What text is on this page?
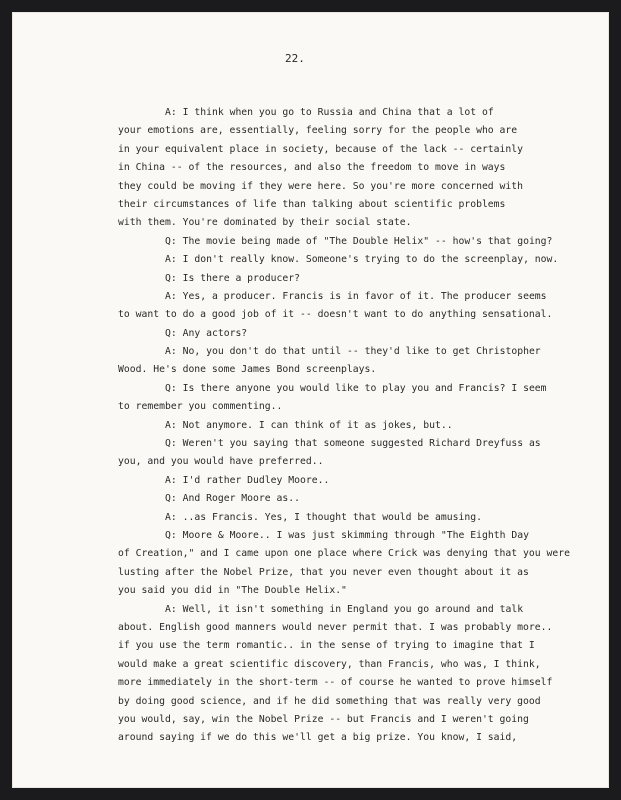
22.
A: I think when you go to Russia and China that a lot of
your emotions are, essentially, feeling sorry for the people who are
in your equivalent place in society, because of the lack -- certainly
in China -- of the resources, and also the freedom to move in ways
they could be moving if they were here. So you're more concerned with
their circumstances of life than talking about scientific problems
with them. You're dominated by their social state.
Q: The movie being made of "The Double Helix" -- how's that going?
A: I don't really know. Someone's trying to do the screenplay, now.
Q: Is there a producer?
A: Yes, a producer. Francis is in favor of it. The producer seems
to want to do a good job of it -- doesn't want to do anything sensational.
Q: Any actors?
A: No, you don't do that until -- they'd like to get Christopher
Wood. He's done some James Bond screenplays.
Q: Is there anyone you would like to play you and Francis? I seem
to remember you commenting..
A: Not anymore. I can think of it as jokes, but..
Q: Weren't you saying that someone suggested Richard Dreyfuss as
you, and you would have preferred..
A: I'd rather Dudley Moore..
Q: And Roger Moore as..
A: ..as Francis. Yes, I thought that would be amusing.
Q: Moore & Moore.. I was just skimming through "The Eighth Day
of Creation," and I came upon one place where Crick was denying that you were
lusting after the Nobel Prize, that you never even thought about it as
you said you did in "The Double Helix."
A: Well, it isn't something in England you go around and talk
about. English good manners would never permit that. I was probably more..
if you use the term romantic.. in the sense of trying to imagine that I
would make a great scientific discovery, than Francis, who was, I think,
more immediately in the short-term -- of course he wanted to prove himself
by doing good science, and if he did something that was really very good
you would, say, win the Nobel Prize -- but Francis and I weren't going
around saying if we do this we'll get a big prize. You know, I said,
